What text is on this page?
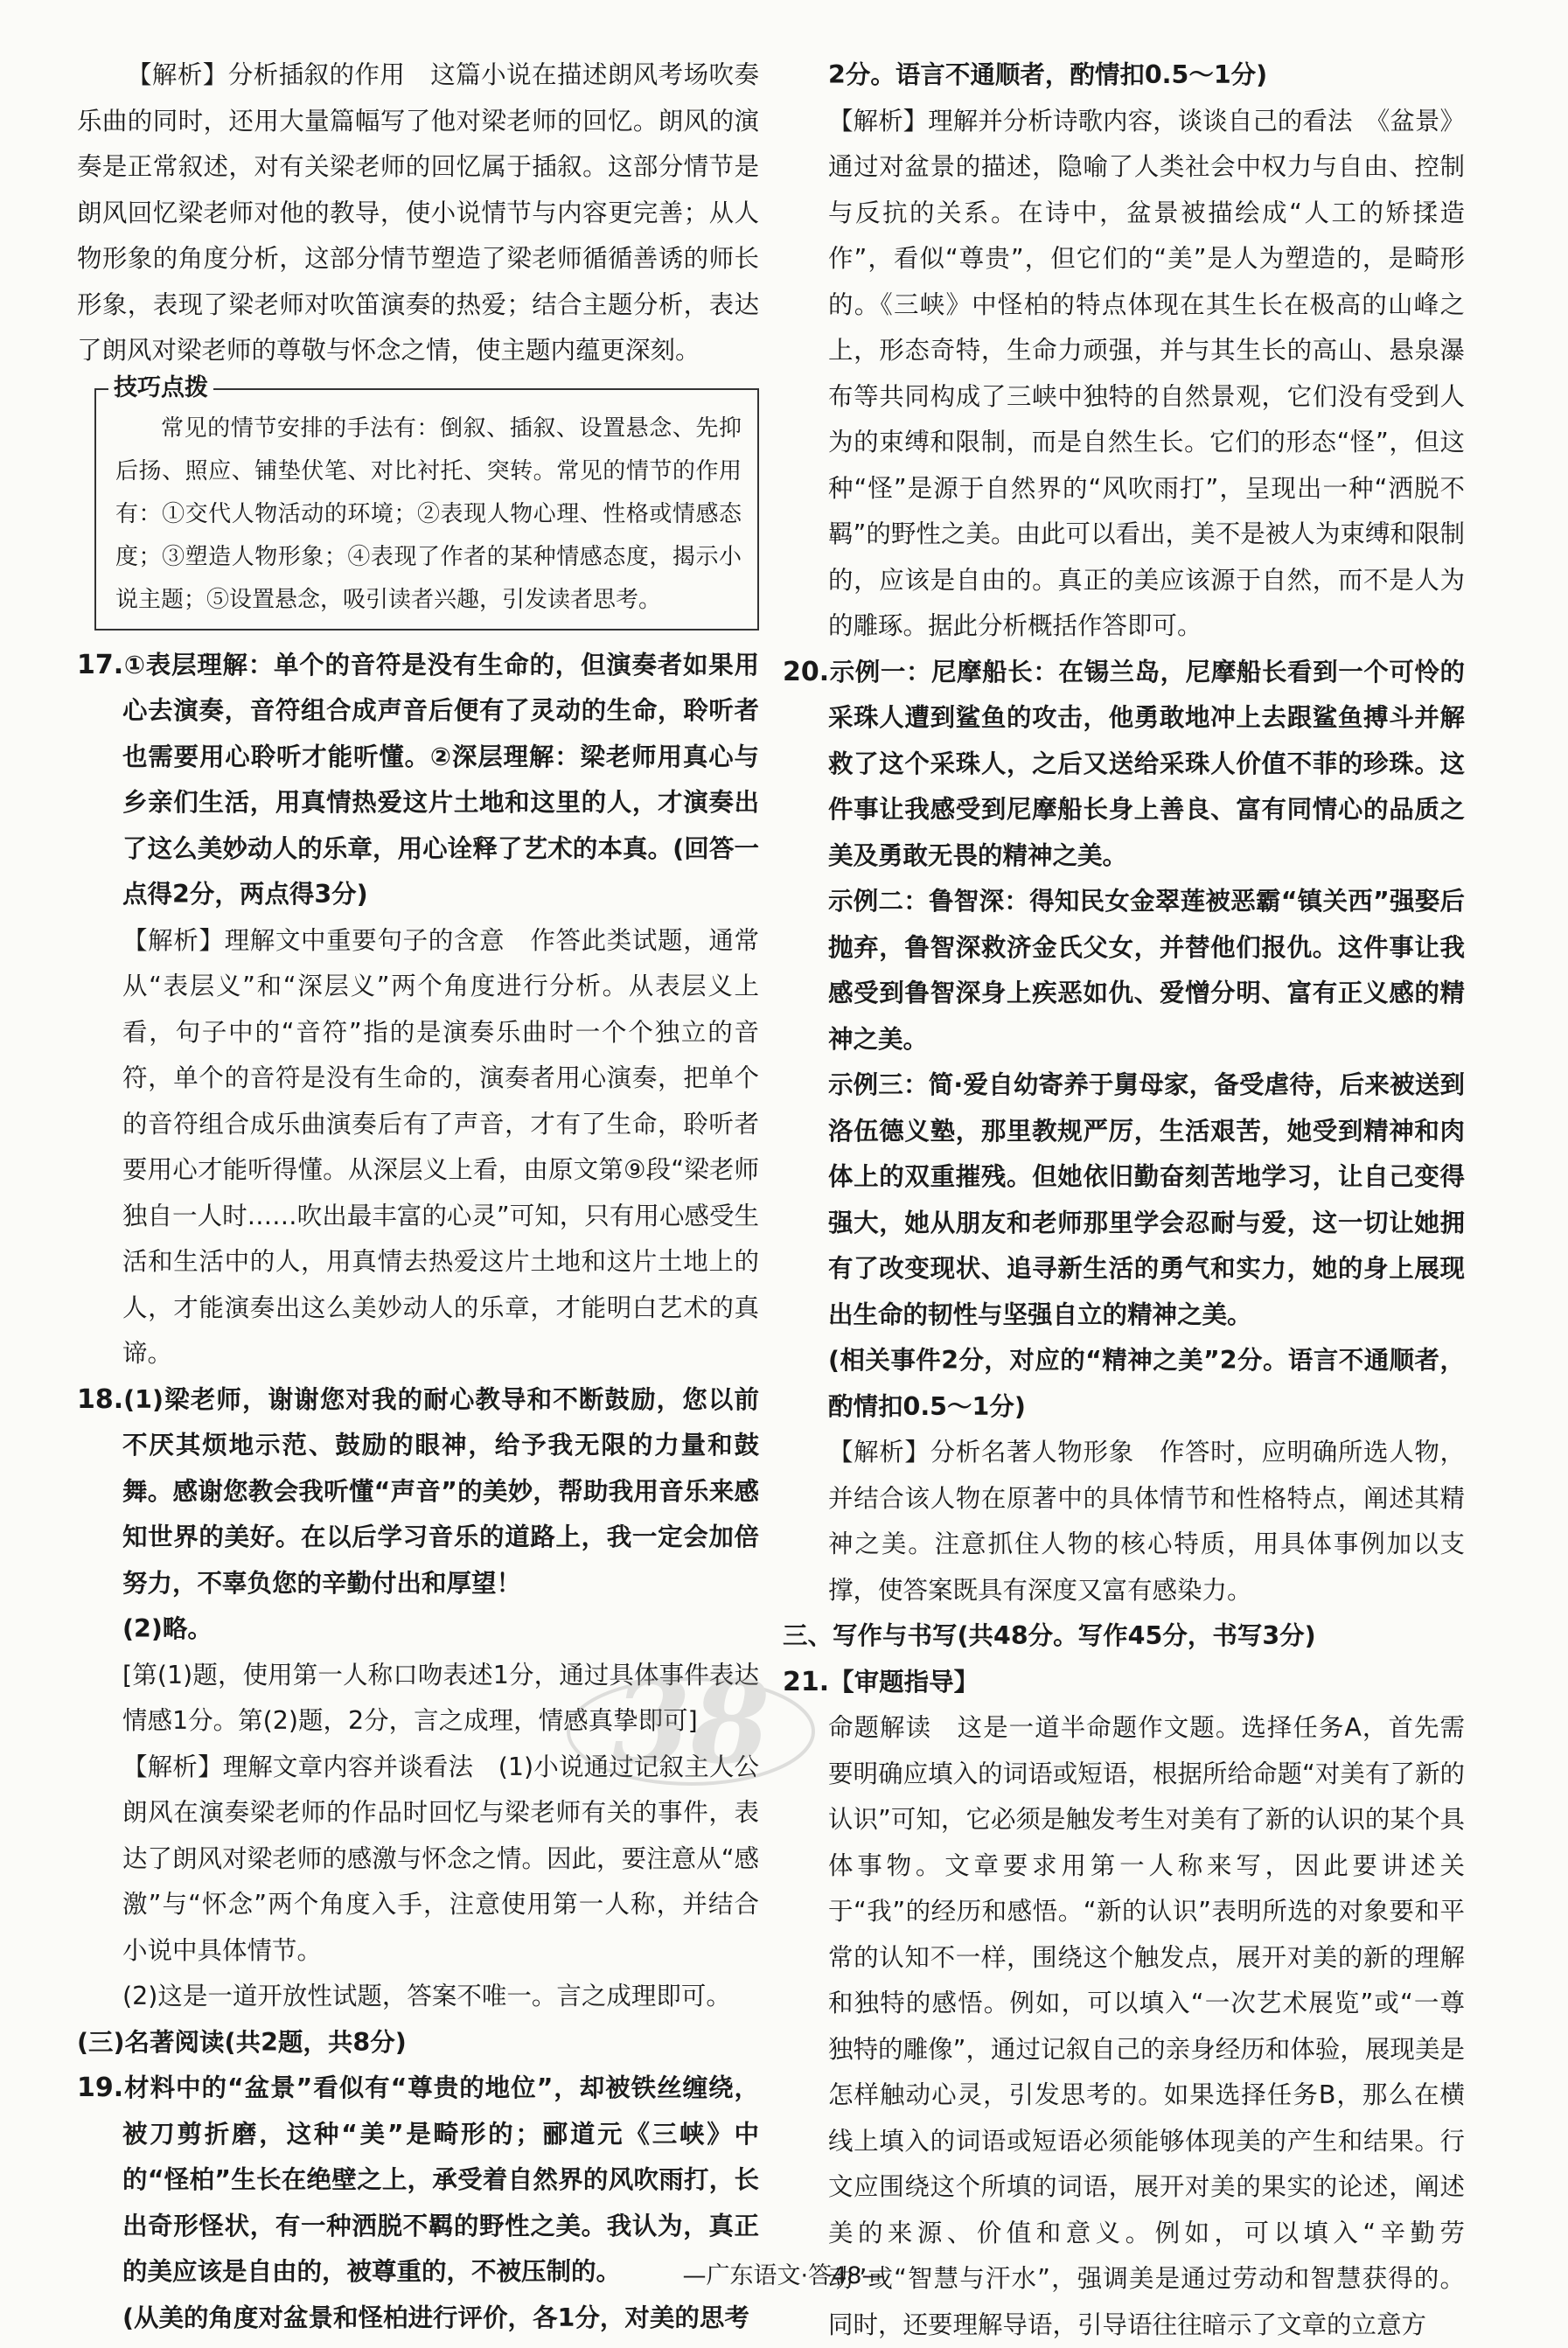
【解析】分析插叙的作用　这篇小说在描述朗风考场吹奏乐曲的同时，还用大量篇幅写了他对梁老师的回忆。朗风的演奏是正常叙述，对有关梁老师的回忆属于插叙。这部分情节是朗风回忆梁老师对他的教导，使小说情节与内容更完善；从人物形象的角度分析，这部分情节塑造了梁老师循循善诱的师长形象，表现了梁老师对吹笛演奏的热爱；结合主题分析，表达了朗风对梁老师的尊敬与怀念之情，使主题内蕴更深刻。

技巧点拨

常见的情节安排的手法有：倒叙、插叙、设置悬念、先抑后扬、照应、铺垫伏笔、对比衬托、突转。常见的情节的作用有：①交代人物活动的环境；②表现人物心理、性格或情感态度；③塑造人物形象；④表现了作者的某种情感态度，揭示小说主题；⑤设置悬念，吸引读者兴趣，引发读者思考。

17.①表层理解：单个的音符是没有生命的，但演奏者如果用心去演奏，音符组合成声音后便有了灵动的生命，聆听者也需要用心聆听才能听懂。②深层理解：梁老师用真心与乡亲们生活，用真情热爱这片土地和这里的人，才演奏出了这么美妙动人的乐章，用心诠释了艺术的本真。(回答一点得2分，两点得3分)

【解析】理解文中重要句子的含意　作答此类试题，通常从“表层义”和“深层义”两个角度进行分析。从表层义上看，句子中的“音符”指的是演奏乐曲时一个个独立的音符，单个的音符是没有生命的，演奏者用心演奏，把单个的音符组合成乐曲演奏后有了声音，才有了生命，聆听者要用心才能听得懂。从深层义上看，由原文第⑨段“梁老师独自一人时……吹出最丰富的心灵”可知，只有用心感受生活和生活中的人，用真情去热爱这片土地和这片土地上的人，才能演奏出这么美妙动人的乐章，才能明白艺术的真谛。

18.(1)梁老师，谢谢您对我的耐心教导和不断鼓励，您以前不厌其烦地示范、鼓励的眼神，给予我无限的力量和鼓舞。感谢您教会我听懂“声音”的美妙，帮助我用音乐来感知世界的美好。在以后学习音乐的道路上，我一定会加倍努力，不辜负您的辛勤付出和厚望！

(2)略。

[第(1)题，使用第一人称口吻表述1分，通过具体事件表达情感1分。第(2)题，2分，言之成理，情感真挚即可]

【解析】理解文章内容并谈看法　(1)小说通过记叙主人公朗风在演奏梁老师的作品时回忆与梁老师有关的事件，表达了朗风对梁老师的感激与怀念之情。因此，要注意从“感激”与“怀念”两个角度入手，注意使用第一人称，并结合小说中具体情节。

(2)这是一道开放性试题，答案不唯一。言之成理即可。

(三)名著阅读(共2题，共8分)

19.材料中的“盆景”看似有“尊贵的地位”，却被铁丝缠绕，被刀剪折磨，这种“美”是畸形的；郦道元《三峡》中的“怪柏”生长在绝壁之上，承受着自然界的风吹雨打，长出奇形怪状，有一种洒脱不羁的野性之美。我认为，真正的美应该是自由的，被尊重的，不被压制的。

(从美的角度对盆景和怪柏进行评价，各1分，对美的思考

2分。语言不通顺者，酌情扣0.5～1分)

【解析】理解并分析诗歌内容，谈谈自己的看法　《盆景》通过对盆景的描述，隐喻了人类社会中权力与自由、控制与反抗的关系。在诗中，盆景被描绘成“人工的矫揉造作”，看似“尊贵”，但它们的“美”是人为塑造的，是畸形的。《三峡》中怪柏的特点体现在其生长在极高的山峰之上，形态奇特，生命力顽强，并与其生长的高山、悬泉瀑布等共同构成了三峡中独特的自然景观，它们没有受到人为的束缚和限制，而是自然生长。它们的形态“怪”，但这种“怪”是源于自然界的“风吹雨打”，呈现出一种“洒脱不羁”的野性之美。由此可以看出，美不是被人为束缚和限制的，应该是自由的。真正的美应该源于自然，而不是人为的雕琢。据此分析概括作答即可。

20.示例一：尼摩船长：在锡兰岛，尼摩船长看到一个可怜的采珠人遭到鲨鱼的攻击，他勇敢地冲上去跟鲨鱼搏斗并解救了这个采珠人，之后又送给采珠人价值不菲的珍珠。这件事让我感受到尼摩船长身上善良、富有同情心的品质之美及勇敢无畏的精神之美。

示例二：鲁智深：得知民女金翠莲被恶霸“镇关西”强娶后抛弃，鲁智深救济金氏父女，并替他们报仇。这件事让我感受到鲁智深身上疾恶如仇、爱憎分明、富有正义感的精神之美。

示例三：简·爱自幼寄养于舅母家，备受虐待，后来被送到洛伍德义塾，那里教规严厉，生活艰苦，她受到精神和肉体上的双重摧残。但她依旧勤奋刻苦地学习，让自己变得强大，她从朋友和老师那里学会忍耐与爱，这一切让她拥有了改变现状、追寻新生活的勇气和实力，她的身上展现出生命的韧性与坚强自立的精神之美。

(相关事件2分，对应的“精神之美”2分。语言不通顺者，酌情扣0.5～1分)

【解析】分析名著人物形象　作答时，应明确所选人物，并结合该人物在原著中的具体情节和性格特点，阐述其精神之美。注意抓住人物的核心特质，用具体事例加以支撑，使答案既具有深度又富有感染力。

三、写作与书写(共48分。写作45分，书写3分)

21.【审题指导】

命题解读　这是一道半命题作文题。选择任务A，首先需要明确应填入的词语或短语，根据所给命题“对美有了新的认识”可知，它必须是触发考生对美有了新的认识的某个具体事物。文章要求用第一人称来写，因此要讲述关于“我”的经历和感悟。“新的认识”表明所选的对象要和平常的认知不一样，围绕这个触发点，展开对美的新的理解和独特的感悟。例如，可以填入“一次艺术展览”或“一尊独特的雕像”，通过记叙自己的亲身经历和体验，展现美是怎样触动心灵，引发思考的。如果选择任务B，那么在横线上填入的词语或短语必须能够体现美的产生和结果。行文应围绕这个所填的词语，展开对美的果实的论述，阐述美的来源、价值和意义。例如，可以填入“辛勤劳动”或“智慧与汗水”，强调美是通过劳动和智慧获得的。同时，还要理解导语，引导语往往暗示了文章的立意方

38
—广东语文·答48—
